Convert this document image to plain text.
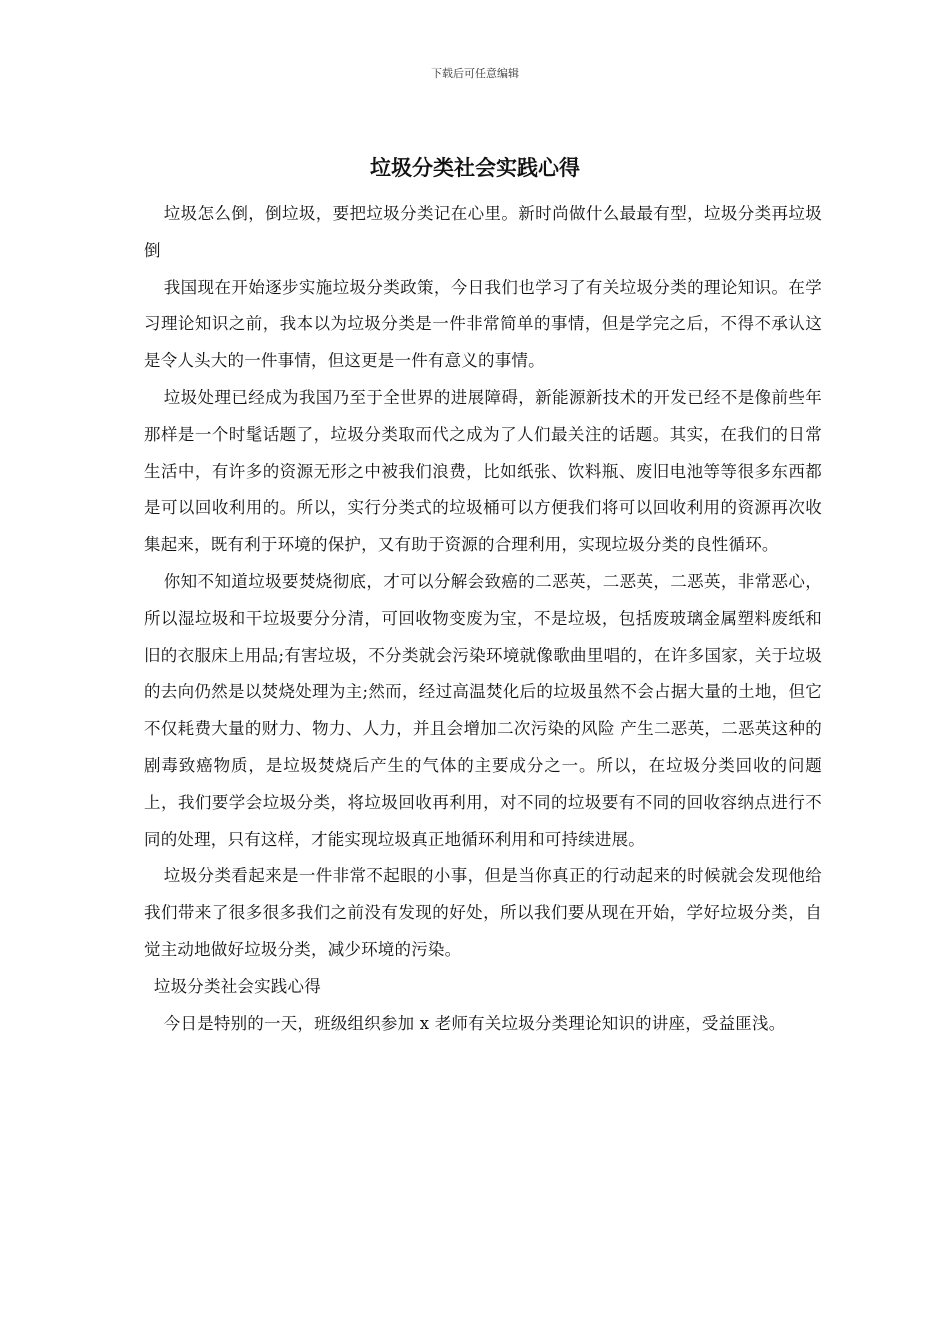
下载后可任意编辑
垃圾分类社会实践心得

垃圾怎么倒，倒垃圾，要把垃圾分类记在心里。新时尚做什么最最有型，垃圾分类再垃圾倒

我国现在开始逐步实施垃圾分类政策，今日我们也学习了有关垃圾分类的理论知识。在学习理论知识之前，我本以为垃圾分类是一件非常简单的事情，但是学完之后，不得不承认这是令人头大的一件事情，但这更是一件有意义的事情。

垃圾处理已经成为我国乃至于全世界的进展障碍，新能源新技术的开发已经不是像前些年那样是一个时髦话题了，垃圾分类取而代之成为了人们最关注的话题。其实，在我们的日常生活中，有许多的资源无形之中被我们浪费，比如纸张、饮料瓶、废旧电池等等很多东西都是可以回收利用的。所以，实行分类式的垃圾桶可以方便我们将可以回收利用的资源再次收集起来，既有利于环境的保护，又有助于资源的合理利用，实现垃圾分类的良性循环。

你知不知道垃圾要焚烧彻底，才可以分解会致癌的二恶英，二恶英，二恶英，非常恶心，所以湿垃圾和干垃圾要分分清，可回收物变废为宝，不是垃圾，包括废玻璃金属塑料废纸和旧的衣服床上用品;有害垃圾，不分类就会污染环境就像歌曲里唱的，在许多国家，关于垃圾的去向仍然是以焚烧处理为主;然而，经过高温焚化后的垃圾虽然不会占据大量的土地，但它不仅耗费大量的财力、物力、人力，并且会增加二次污染的风险 产生二恶英，二恶英这种的剧毒致癌物质，是垃圾焚烧后产生的气体的主要成分之一。所以，在垃圾分类回收的问题上，我们要学会垃圾分类，将垃圾回收再利用，对不同的垃圾要有不同的回收容纳点进行不同的处理，只有这样，才能实现垃圾真正地循环利用和可持续进展。

垃圾分类看起来是一件非常不起眼的小事，但是当你真正的行动起来的时候就会发现他给我们带来了很多很多我们之前没有发现的好处，所以我们要从现在开始，学好垃圾分类，自觉主动地做好垃圾分类，减少环境的污染。

垃圾分类社会实践心得

今日是特别的一天，班级组织参加 x 老师有关垃圾分类理论知识的讲座，受益匪浅。
